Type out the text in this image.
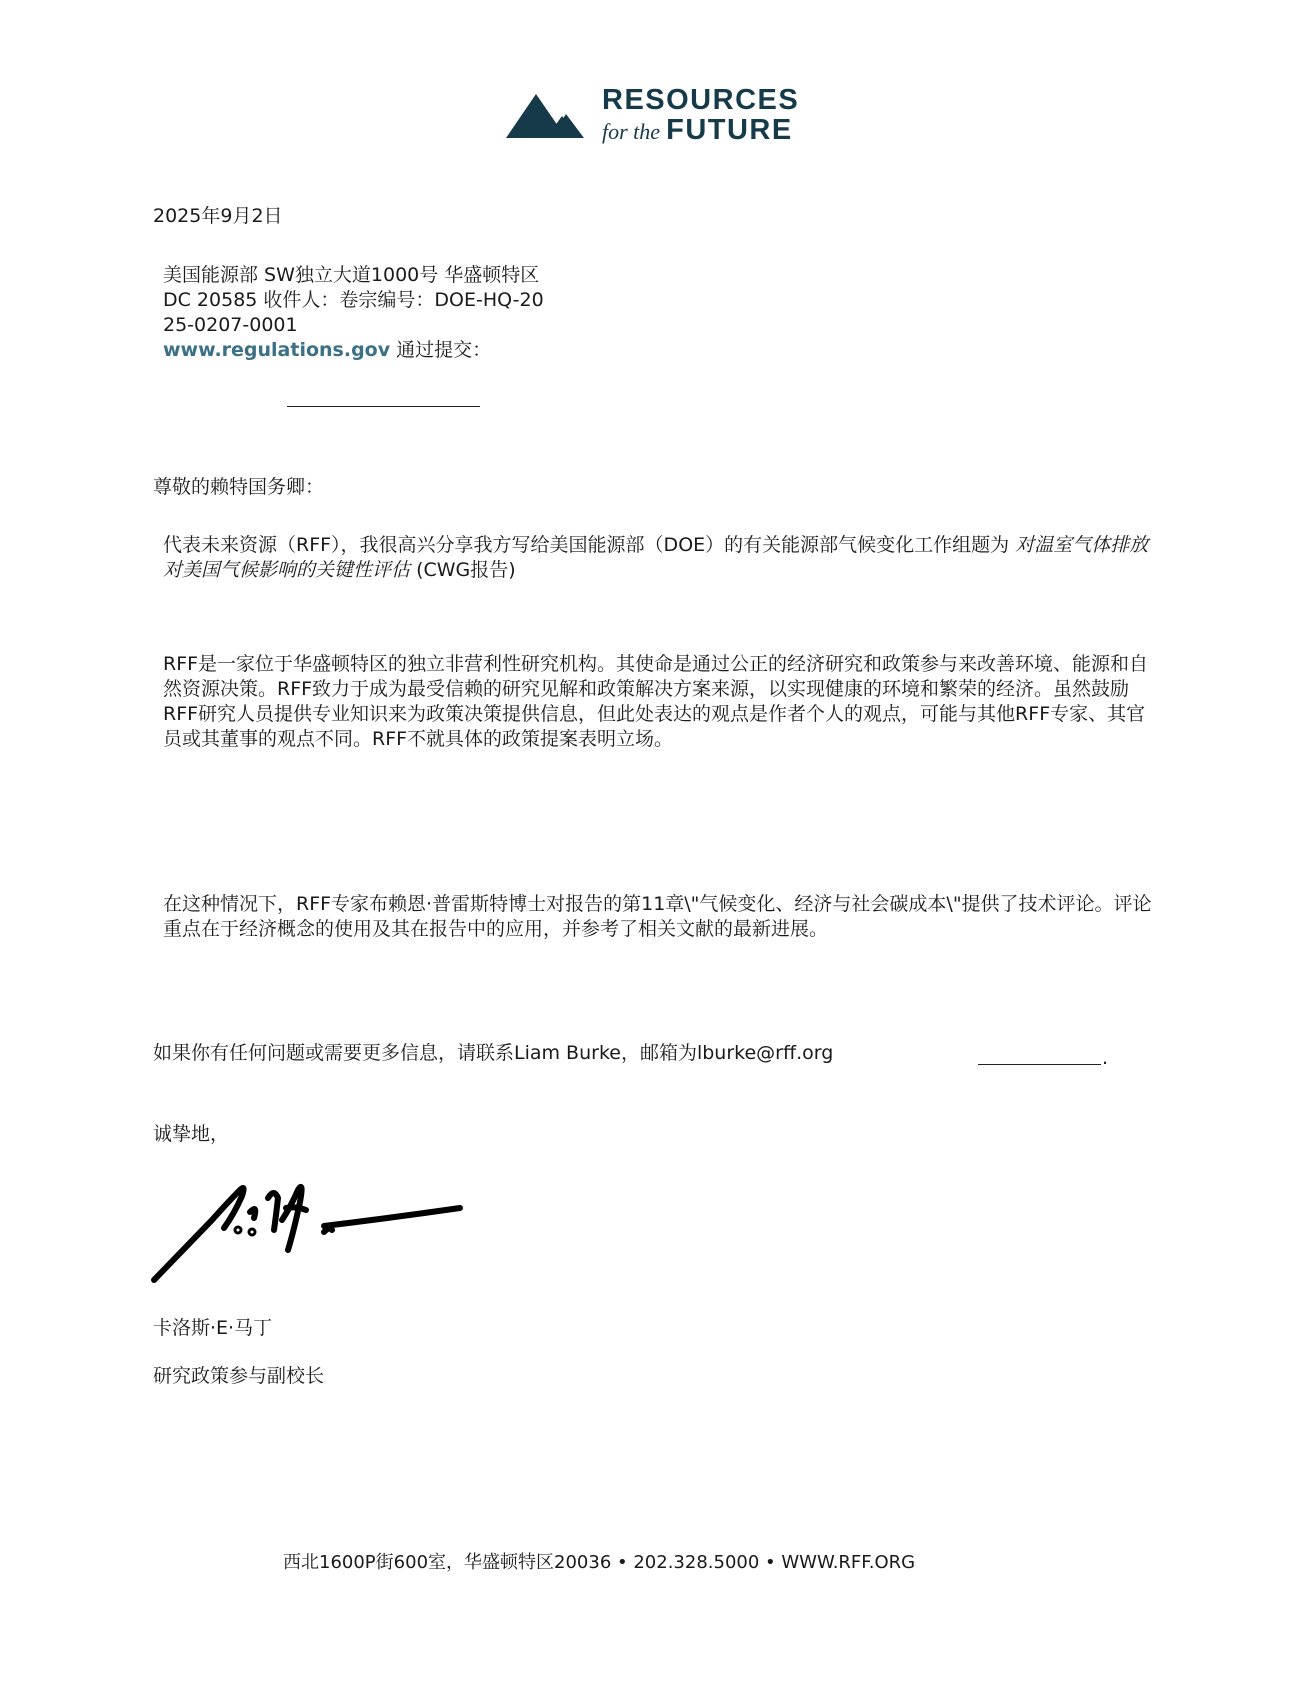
RESOURCES
for the FUTURE
2025年9月2日
美国能源部 SW独立大道1000号 华盛顿特区
DC 20585 收件人：卷宗编号：DOE-HQ-20
25-0207-0001
www.regulations.gov 通过提交：
尊敬的赖特国务卿：
代表未来资源（RFF），我很高兴分享我方写给美国能源部（DOE）的有关能源部气候变化工作组题为 对温室气体排放对美国气候影响的关键性评估 (CWG报告)
RFF是一家位于华盛顿特区的独立非营利性研究机构。其使命是通过公正的经济研究和政策参与来改善环境、能源和自然资源决策。RFF致力于成为最受信赖的研究见解和政策解决方案来源，以实现健康的环境和繁荣的经济。虽然鼓励RFF研究人员提供专业知识来为政策决策提供信息，但此处表达的观点是作者个人的观点，可能与其他RFF专家、其官员或其董事的观点不同。RFF不就具体的政策提案表明立场。
在这种情况下，RFF专家布赖恩·普雷斯特博士对报告的第11章\"气候变化、经济与社会碳成本\"提供了技术评论。评论重点在于经济概念的使用及其在报告中的应用，并参考了相关文献的最新进展。
如果你有任何问题或需要更多信息，请联系Liam Burke，邮箱为lburke@rff.org	.
诚挚地，
卡洛斯·E·马丁
研究政策参与副校长
西北1600P街600室，华盛顿特区20036 • 202.328.5000 • WWW.RFF.ORG
